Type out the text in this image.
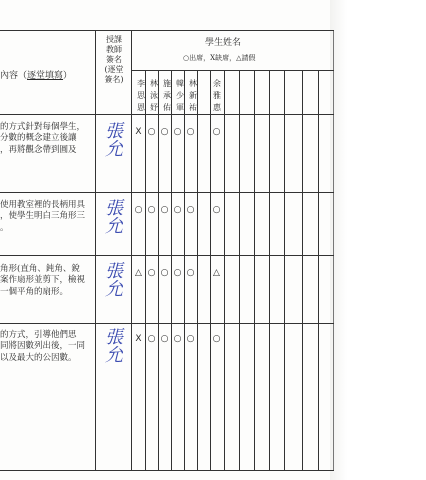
內容（逐堂填寫）
授課
教師
簽名
(逐堂
簽名)
學生姓名
○出席，X缺席，△請假
李
思
恩
林
泳
妤
施
承
佑
韓
少
軍
林
新
祐
余
雅
惠
的方式針對每個學生，
分數的概念建立後讓
，再將觀念帶到圓及
張允
X ○ ○ ○ ○ ○
使用教室裡的長柄用具
，使學生明白三角形三
。
張允
○ ○ ○ ○ ○ ○
角形(直角、鈍角、銳
案作扇形並剪下，檢視
一個平角的扇形。
張允
△ ○ ○ ○ ○	△
的方式，引導他們思
同將因數列出後，一同
以及最大的公因數。
張允
X ○ ○ ○ ○ ○
